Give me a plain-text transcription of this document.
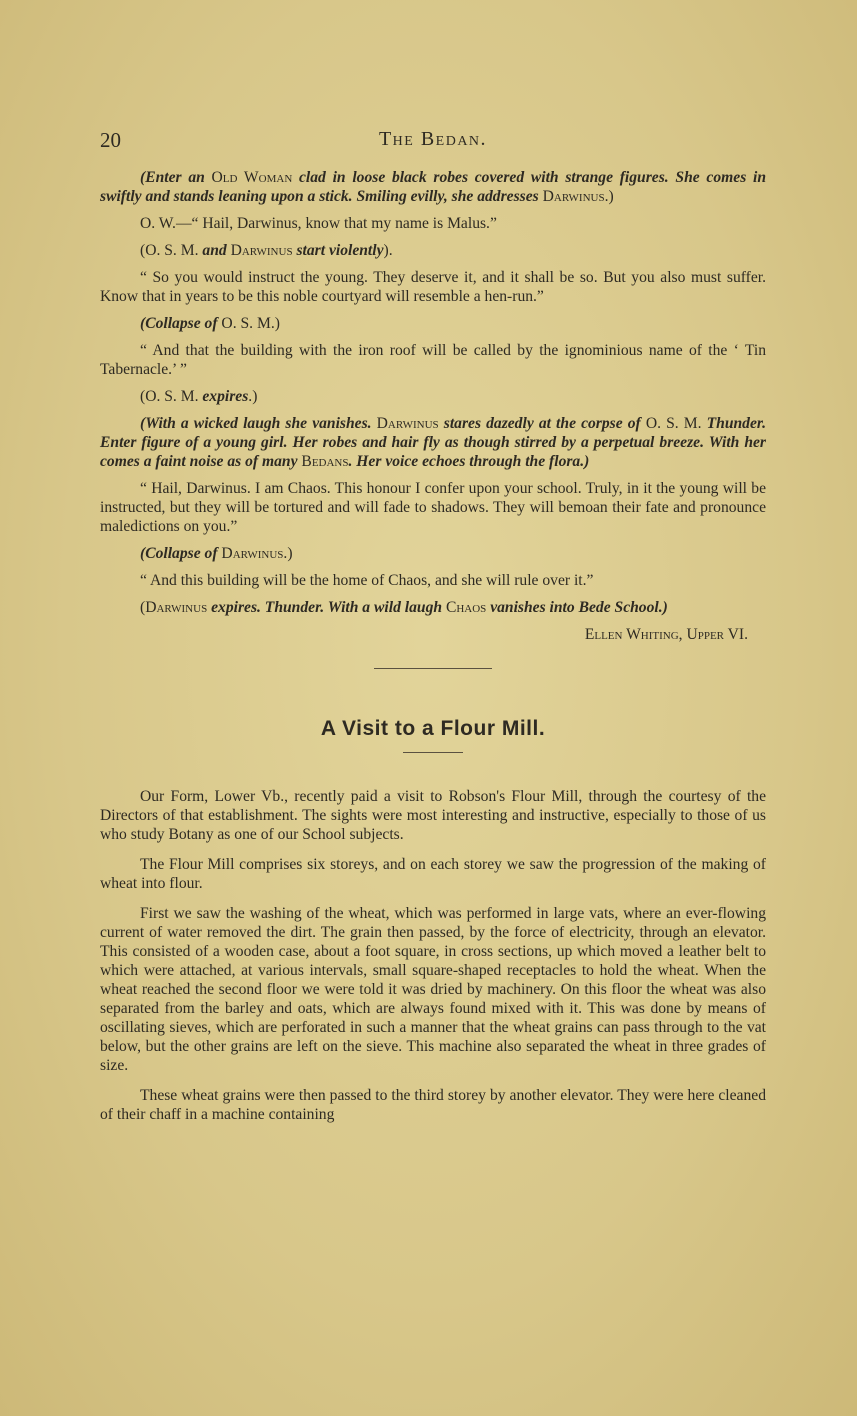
20	The Bedan.

(Enter an Old Woman clad in loose black robes covered with strange figures. She comes in swiftly and stands leaning upon a stick. Smiling evilly, she addresses Darwinus.)

O. W.—“ Hail, Darwinus, know that my name is Malus.”

(O. S. M. and Darwinus start violently).

“ So you would instruct the young. They deserve it, and it shall be so. But you also must suffer. Know that in years to be this noble courtyard will resemble a hen-run.”

(Collapse of O. S. M.)

“ And that the building with the iron roof will be called by the ignominious name of the ‘ Tin Tabernacle.’ ”

(O. S. M. expires.)

(With a wicked laugh she vanishes. Darwinus stares dazedly at the corpse of O. S. M. Thunder. Enter figure of a young girl. Her robes and hair fly as though stirred by a perpetual breeze. With her comes a faint noise as of many Bedans. Her voice echoes through the flora.)

“ Hail, Darwinus. I am Chaos. This honour I confer upon your school. Truly, in it the young will be instructed, but they will be tortured and will fade to shadows. They will bemoan their fate and pronounce maledictions on you.”

(Collapse of Darwinus.)

“ And this building will be the home of Chaos, and she will rule over it.”

(Darwinus expires. Thunder. With a wild laugh Chaos vanishes into Bede School.)

Ellen Whiting, Upper VI.

A Visit to a Flour Mill.

Our Form, Lower Vb., recently paid a visit to Robson's Flour Mill, through the courtesy of the Directors of that establishment. The sights were most interesting and instructive, especially to those of us who study Botany as one of our School subjects.

The Flour Mill comprises six storeys, and on each storey we saw the progression of the making of wheat into flour.

First we saw the washing of the wheat, which was performed in large vats, where an ever-flowing current of water removed the dirt. The grain then passed, by the force of electricity, through an elevator. This consisted of a wooden case, about a foot square, in cross sections, up which moved a leather belt to which were attached, at various intervals, small square-shaped receptacles to hold the wheat. When the wheat reached the second floor we were told it was dried by machinery. On this floor the wheat was also separated from the barley and oats, which are always found mixed with it. This was done by means of oscillating sieves, which are perforated in such a manner that the wheat grains can pass through to the vat below, but the other grains are left on the sieve. This machine also separated the wheat in three grades of size.

These wheat grains were then passed to the third storey by another elevator. They were here cleaned of their chaff in a machine containing
